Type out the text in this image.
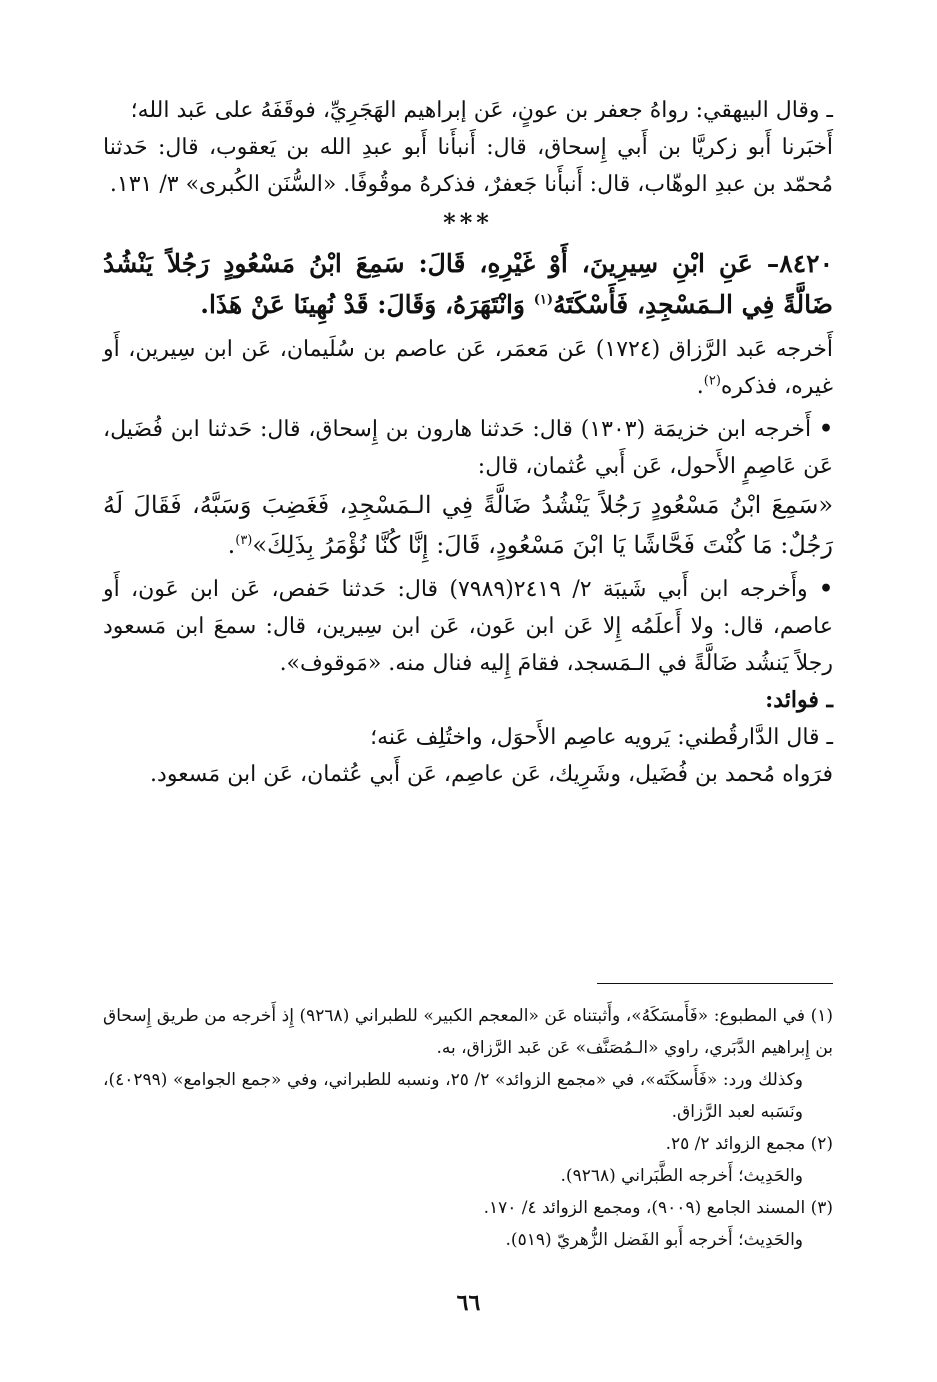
ـ وقال البيهقي: رواهُ جعفر بن عونٍ، عَن إبراهيم الهَجَرِيِّ، فوقَفَهُ على عَبد الله؛

أَخبَرنا أَبو زكريَّا بن أَبي إِسحاق، قال: أَنبأَنا أَبو عبدِ الله بن يَعقوب، قال: حَدثنا مُحمّد بن عبدِ الوهّاب، قال: أَنبأَنا جَعفرٌ، فذكرهُ موقُوفًا. «السُّنَن الكُبرى» ٣/ ١٣١.

***

٨٤٢٠– عَنِ ابْنِ سِيرِينَ، أَوْ غَيْرِهِ، قَالَ: سَمِعَ ابْنُ مَسْعُودٍ رَجُلاً يَنْشُدُ ضَالَّةً فِي الـمَسْجِدِ، فَأَسْكَتَهُ$^{(١)}$ وَانْتَهَرَهُ، وَقَالَ: قَدْ نُهِينَا عَنْ هَذَا.

أَخرجه عَبد الرَّزاق (١٧٢٤) عَن مَعمَر، عَن عاصم بن سُلَيمان، عَن ابن سِيرين، أَو غيره، فذكره$^{(٢)}$.

• أَخرجه ابن خزيمَة (١٣٠٣) قال: حَدثنا هارون بن إِسحاق، قال: حَدثنا ابن فُضَيل، عَن عَاصِمٍ الأَحول، عَن أَبي عُثمان، قال:

«سَمِعَ ابْنُ مَسْعُودٍ رَجُلاً يَنْشُدُ ضَالَّةً فِي الـمَسْجِدِ، فَغَضِبَ وَسَبَّهُ، فَقَالَ لَهُ رَجُلٌ: مَا كُنْتَ فَحَّاشًا يَا ابْنَ مَسْعُودٍ، قَالَ: إِنَّا كُنَّا نُؤْمَرُ بِذَلِكَ»$^{(٣)}$.

• وأَخرجه ابن أَبي شَيبَة ٢/ ٢٤١٩(٧٩٨٩) قال: حَدثنا حَفص، عَن ابن عَون، أَو عاصم، قال: ولا أَعلَمُه إِلا عَن ابن عَون، عَن ابن سِيرين، قال: سمعَ ابن مَسعود رجلاً يَنشُد ضَالَّةً في الـمَسجد، فقامَ إِليه فنال منه. «مَوقوف».

ـ فوائد:

ـ قال الدَّارقُطني: يَرويه عاصِم الأَحوَل، واختُلِف عَنه؛

فرَواه مُحمد بن فُضَيل، وشَرِيك، عَن عاصِم، عَن أَبي عُثمان، عَن ابن مَسعود.

(١) في المطبوع: «فَأَمسَكَهُ»، وأَثبتناه عَن «المعجم الكبير» للطبراني (٩٢٦٨) إِذ أَخرجه من طريق إِسحاق بن إِبراهيم الدَّبَري، راوي «الـمُصَنَّف» عَن عَبد الرَّزاق، به.

وكذلك ورد: «فَأَسكَتَه»، في «مجمع الزوائد» ٢/ ٢٥، ونسبه للطبراني، وفي «جمع الجوامع» (٤٠٢٩٩)، ونَسَبه لعبد الرَّزاق.

(٢) مجمع الزوائد ٢/ ٢٥.

والحَدِيث؛ أَخرجه الطَّبَراني (٩٢٦٨).

(٣) المسند الجامع (٩٠٠٩)، ومجمع الزوائد ٤/ ١٧٠.

والحَدِيث؛ أَخرجه أَبو الفَضل الزُّهريّ (٥١٩).

٦٦
